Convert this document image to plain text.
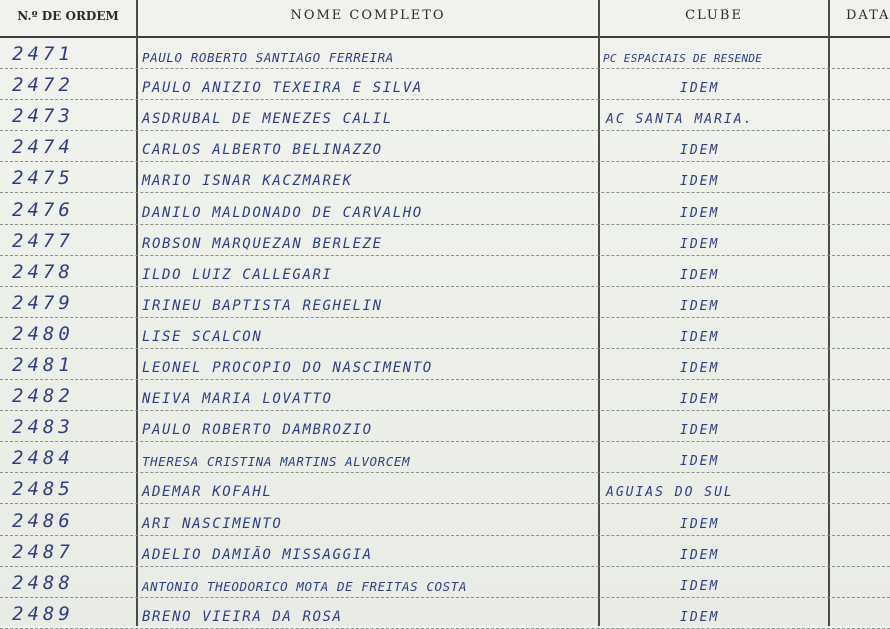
N.º DE ORDEM	NOME COMPLETO	CLUBE	DATA
2471	PAULO ROBERTO SANTIAGO FERREIRA	PC ESPACIAIS DE RESENDE
2472	PAULO ANIZIO TEXEIRA E SILVA	IDEM
2473	ASDRUBAL DE MENEZES CALIL	AC SANTA MARIA.
2474	CARLOS ALBERTO BELINAZZO	IDEM
2475	MARIO ISNAR KACZMAREK	IDEM
2476	DANILO MALDONADO DE CARVALHO	IDEM
2477	ROBSON MARQUEZAN BERLEZE	IDEM
2478	ILDO LUIZ CALLEGARI	IDEM
2479	IRINEU BAPTISTA REGHELIN	IDEM
2480	LISE SCALCON	IDEM
2481	LEONEL PROCOPIO DO NASCIMENTO	IDEM
2482	NEIVA MARIA LOVATTO	IDEM
2483	PAULO ROBERTO DAMBROZIO	IDEM
2484	THERESA CRISTINA MARTINS ALVORCEM	IDEM
2485	ADEMAR KOFAHL	AGUIAS DO SUL
2486	ARI NASCIMENTO	IDEM
2487	ADELIO DAMIÃO MISSAGGIA	IDEM
2488	ANTONIO THEODORICO MOTA DE FREITAS COSTA	IDEM
2489	BRENO VIEIRA DA ROSA	IDEM
